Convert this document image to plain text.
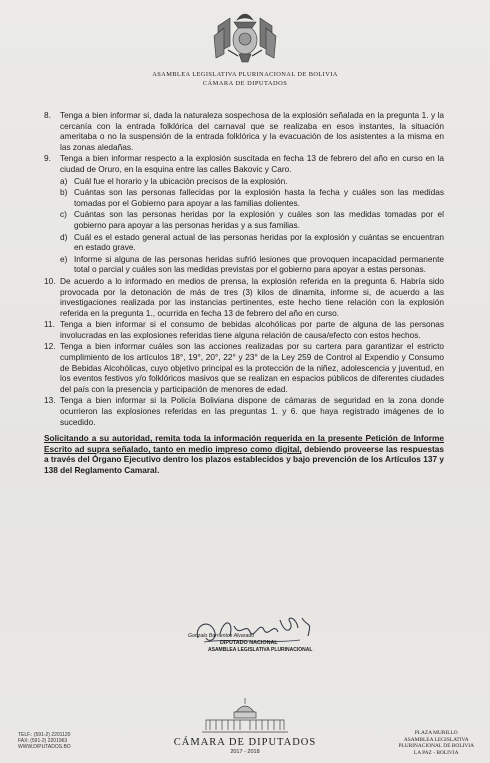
ASAMBLEA LEGISLATIVA PLURINACIONAL DE BOLIVIA
CÁMARA DE DIPUTADOS
8. Tenga a bien informar si, dada la naturaleza sospechosa de la explosión señalada en la pregunta 1. y la cercanía con la entrada folklórica del carnaval que se realizaba en esos instantes, la situación ameritaba o no la suspensión de la entrada folklórica y la evacuación de los asistentes a la misma en las zonas aledañas.
9. Tenga a bien informar respecto a la explosión suscitada en fecha 13 de febrero del año en curso en la ciudad de Oruro, en la esquina entre las calles Bakovic y Caro.
a) Cuál fue el horario y la ubicación precisos de la explosión.
b) Cuántas son las personas fallecidas por la explosión hasta la fecha y cuáles son las medidas tomadas por el Gobierno para apoyar a las familias dolientes.
c) Cuántas son las personas heridas por la explosión y cuáles son las medidas tomadas por el gobierno para apoyar a las personas heridas y a sus familias.
d) Cuál es el estado general actual de las personas heridas por la explosión y cuántas se encuentran en estado grave.
e) Informe si alguna de las personas heridas sufrió lesiones que provoquen incapacidad permanente total o parcial y cuáles son las medidas previstas por el gobierno para apoyar a estas personas.
10. De acuerdo a lo informado en medios de prensa, la explosión referida en la pregunta 6. Habría sido provocada por la detonación de más de tres (3) kilos de dinamita, informe si, de acuerdo a las investigaciones realizada por las instancias pertinentes, este hecho tiene relación con la explosión referida en la pregunta 1., ocurrida en fecha 13 de febrero del año en curso.
11. Tenga a bien informar si el consumo de bebidas alcohólicas por parte de alguna de las personas involucradas en las explosiones referidas tiene alguna relación de causa/efecto con estos hechos.
12. Tenga a bien informar cuáles son las acciones realizadas por su cartera para garantizar el estricto cumplimiento de los artículos 18°, 19°, 20°, 22° y 23° de la Ley 259 de Control al Expendio y Consumo de Bebidas Alcohólicas, cuyo objetivo principal es la protección de la niñez, adolescencia y juventud, en los eventos festivos y/o folklóricos masivos que se realizan en espacios públicos de diferentes ciudades del país con la presencia y participación de menores de edad.
13. Tenga a bien informar si la Policía Boliviana dispone de cámaras de seguridad en la zona donde ocurrieron las explosiones referidas en las preguntas 1. y 6. que haya registrado imágenes de lo sucedido.
Solicitando a su autoridad, remita toda la información requerida en la presente Petición de Informe Escrito ad supra señalado, tanto en medio impreso como digital, debiendo proveerse las respuestas a través del Órgano Ejecutivo dentro los plazos establecidos y bajo prevención de los Artículos 137 y 138 del Reglamento Camaral.
Gonzalo Barrientos Alvarado
DIPUTADO NACIONAL
ASAMBLEA LEGISLATIVA PLURINACIONAL
TELF.: (591-2) 2201120
FAX: (591-2) 2201963
WWW.DIPUTADOS.BO	CÁMARA DE DIPUTADOS
2017 - 2018
PLAZA MURILLO
ASAMBLEA LEGISLATIVA
PLURINACIONAL DE BOLIVIA
LA PAZ - BOLIVIA
